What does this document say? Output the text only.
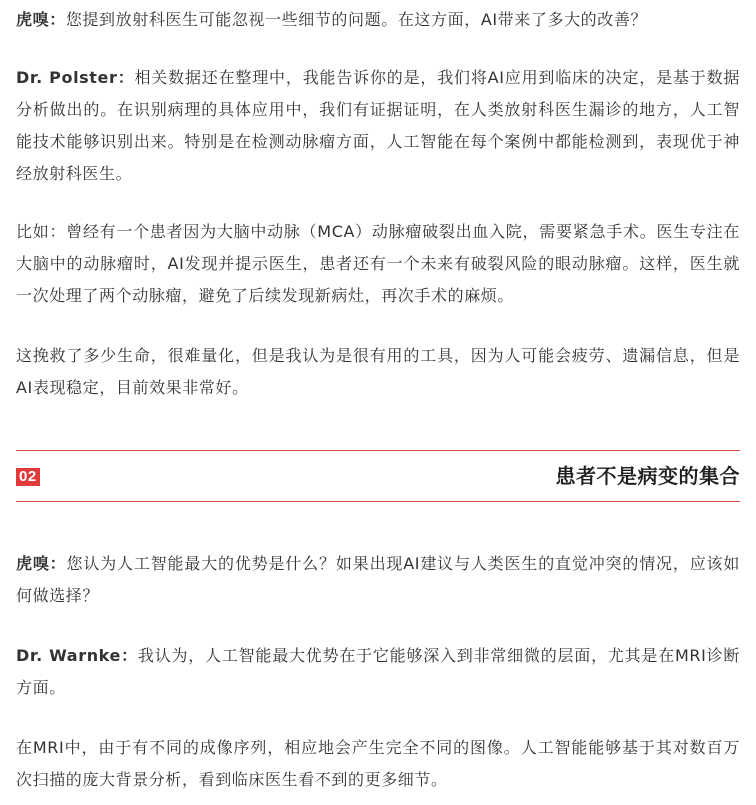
虎嗅：您提到放射科医生可能忽视一些细节的问题。在这方面，AI带来了多大的改善？

Dr. Polster：相关数据还在整理中，我能告诉你的是，我们将AI应用到临床的决定，是基于数据分析做出的。在识别病理的具体应用中，我们有证据证明，在人类放射科医生漏诊的地方，人工智能技术能够识别出来。特别是在检测动脉瘤方面，人工智能在每个案例中都能检测到，表现优于神经放射科医生。

比如：曾经有一个患者因为大脑中动脉（MCA）动脉瘤破裂出血入院，需要紧急手术。医生专注在大脑中的动脉瘤时，AI发现并提示医生，患者还有一个未来有破裂风险的眼动脉瘤。这样，医生就一次处理了两个动脉瘤，避免了后续发现新病灶，再次手术的麻烦。

这挽救了多少生命，很难量化，但是我认为是很有用的工具，因为人可能会疲劳、遗漏信息，但是AI表现稳定，目前效果非常好。

02	患者不是病变的集合

虎嗅：您认为人工智能最大的优势是什么？如果出现AI建议与人类医生的直觉冲突的情况，应该如何做选择？

Dr. Warnke：我认为，人工智能最大优势在于它能够深入到非常细微的层面，尤其是在MRI诊断方面。

在MRI中，由于有不同的成像序列，相应地会产生完全不同的图像。人工智能能够基于其对数百万次扫描的庞大背景分析，看到临床医生看不到的更多细节。
